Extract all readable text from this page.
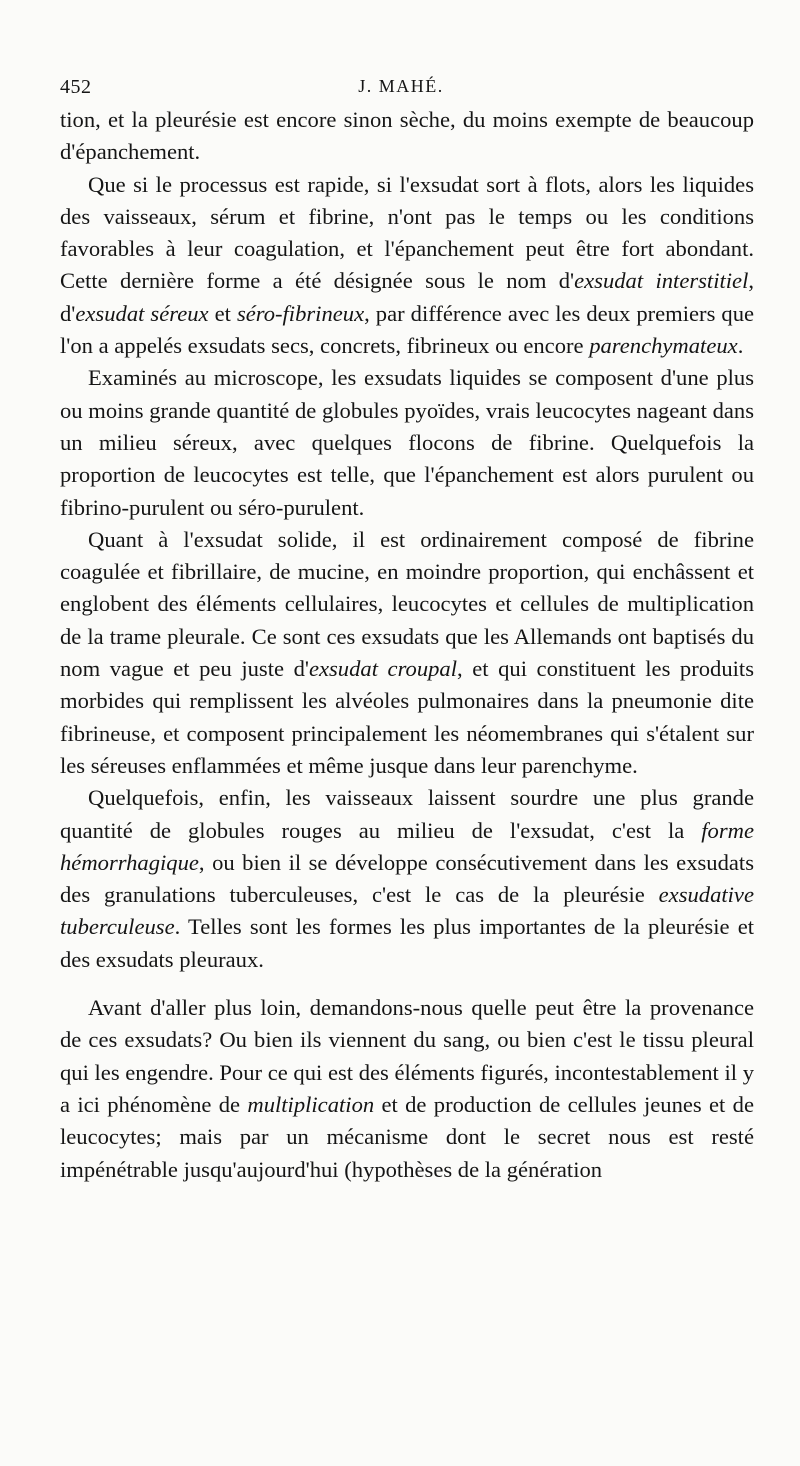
452	J. MAHÉ.

tion, et la pleurésie est encore sinon sèche, du moins exempte de beaucoup d'épanchement.

Que si le processus est rapide, si l'exsudat sort à flots, alors les liquides des vaisseaux, sérum et fibrine, n'ont pas le temps ou les conditions favorables à leur coagulation, et l'épanchement peut être fort abondant. Cette dernière forme a été désignée sous le nom d'exsudat interstitiel, d'exsudat séreux et séro-fibrineux, par différence avec les deux premiers que l'on a appelés exsudats secs, concrets, fibrineux ou encore parenchymateux.

Examinés au microscope, les exsudats liquides se composent d'une plus ou moins grande quantité de globules pyoïdes, vrais leucocytes nageant dans un milieu séreux, avec quelques flocons de fibrine. Quelquefois la proportion de leucocytes est telle, que l'épanchement est alors purulent ou fibrino-purulent ou séro-purulent.

Quant à l'exsudat solide, il est ordinairement composé de fibrine coagulée et fibrillaire, de mucine, en moindre proportion, qui enchâssent et englobent des éléments cellulaires, leucocytes et cellules de multiplication de la trame pleurale. Ce sont ces exsudats que les Allemands ont baptisés du nom vague et peu juste d'exsudat croupal, et qui constituent les produits morbides qui remplissent les alvéoles pulmonaires dans la pneumonie dite fibrineuse, et composent principalement les néomembranes qui s'étalent sur les séreuses enflammées et même jusque dans leur parenchyme.

Quelquefois, enfin, les vaisseaux laissent sourdre une plus grande quantité de globules rouges au milieu de l'exsudat, c'est la forme hémorrhagique, ou bien il se développe consécutivement dans les exsudats des granulations tuberculeuses, c'est le cas de la pleurésie exsudative tuberculeuse. Telles sont les formes les plus importantes de la pleurésie et des exsudats pleuraux.

Avant d'aller plus loin, demandons-nous quelle peut être la provenance de ces exsudats? Ou bien ils viennent du sang, ou bien c'est le tissu pleural qui les engendre. Pour ce qui est des éléments figurés, incontestablement il y a ici phénomène de multiplication et de production de cellules jeunes et de leucocytes; mais par un mécanisme dont le secret nous est resté impénétrable jusqu'aujourd'hui (hypothèses de la génération
